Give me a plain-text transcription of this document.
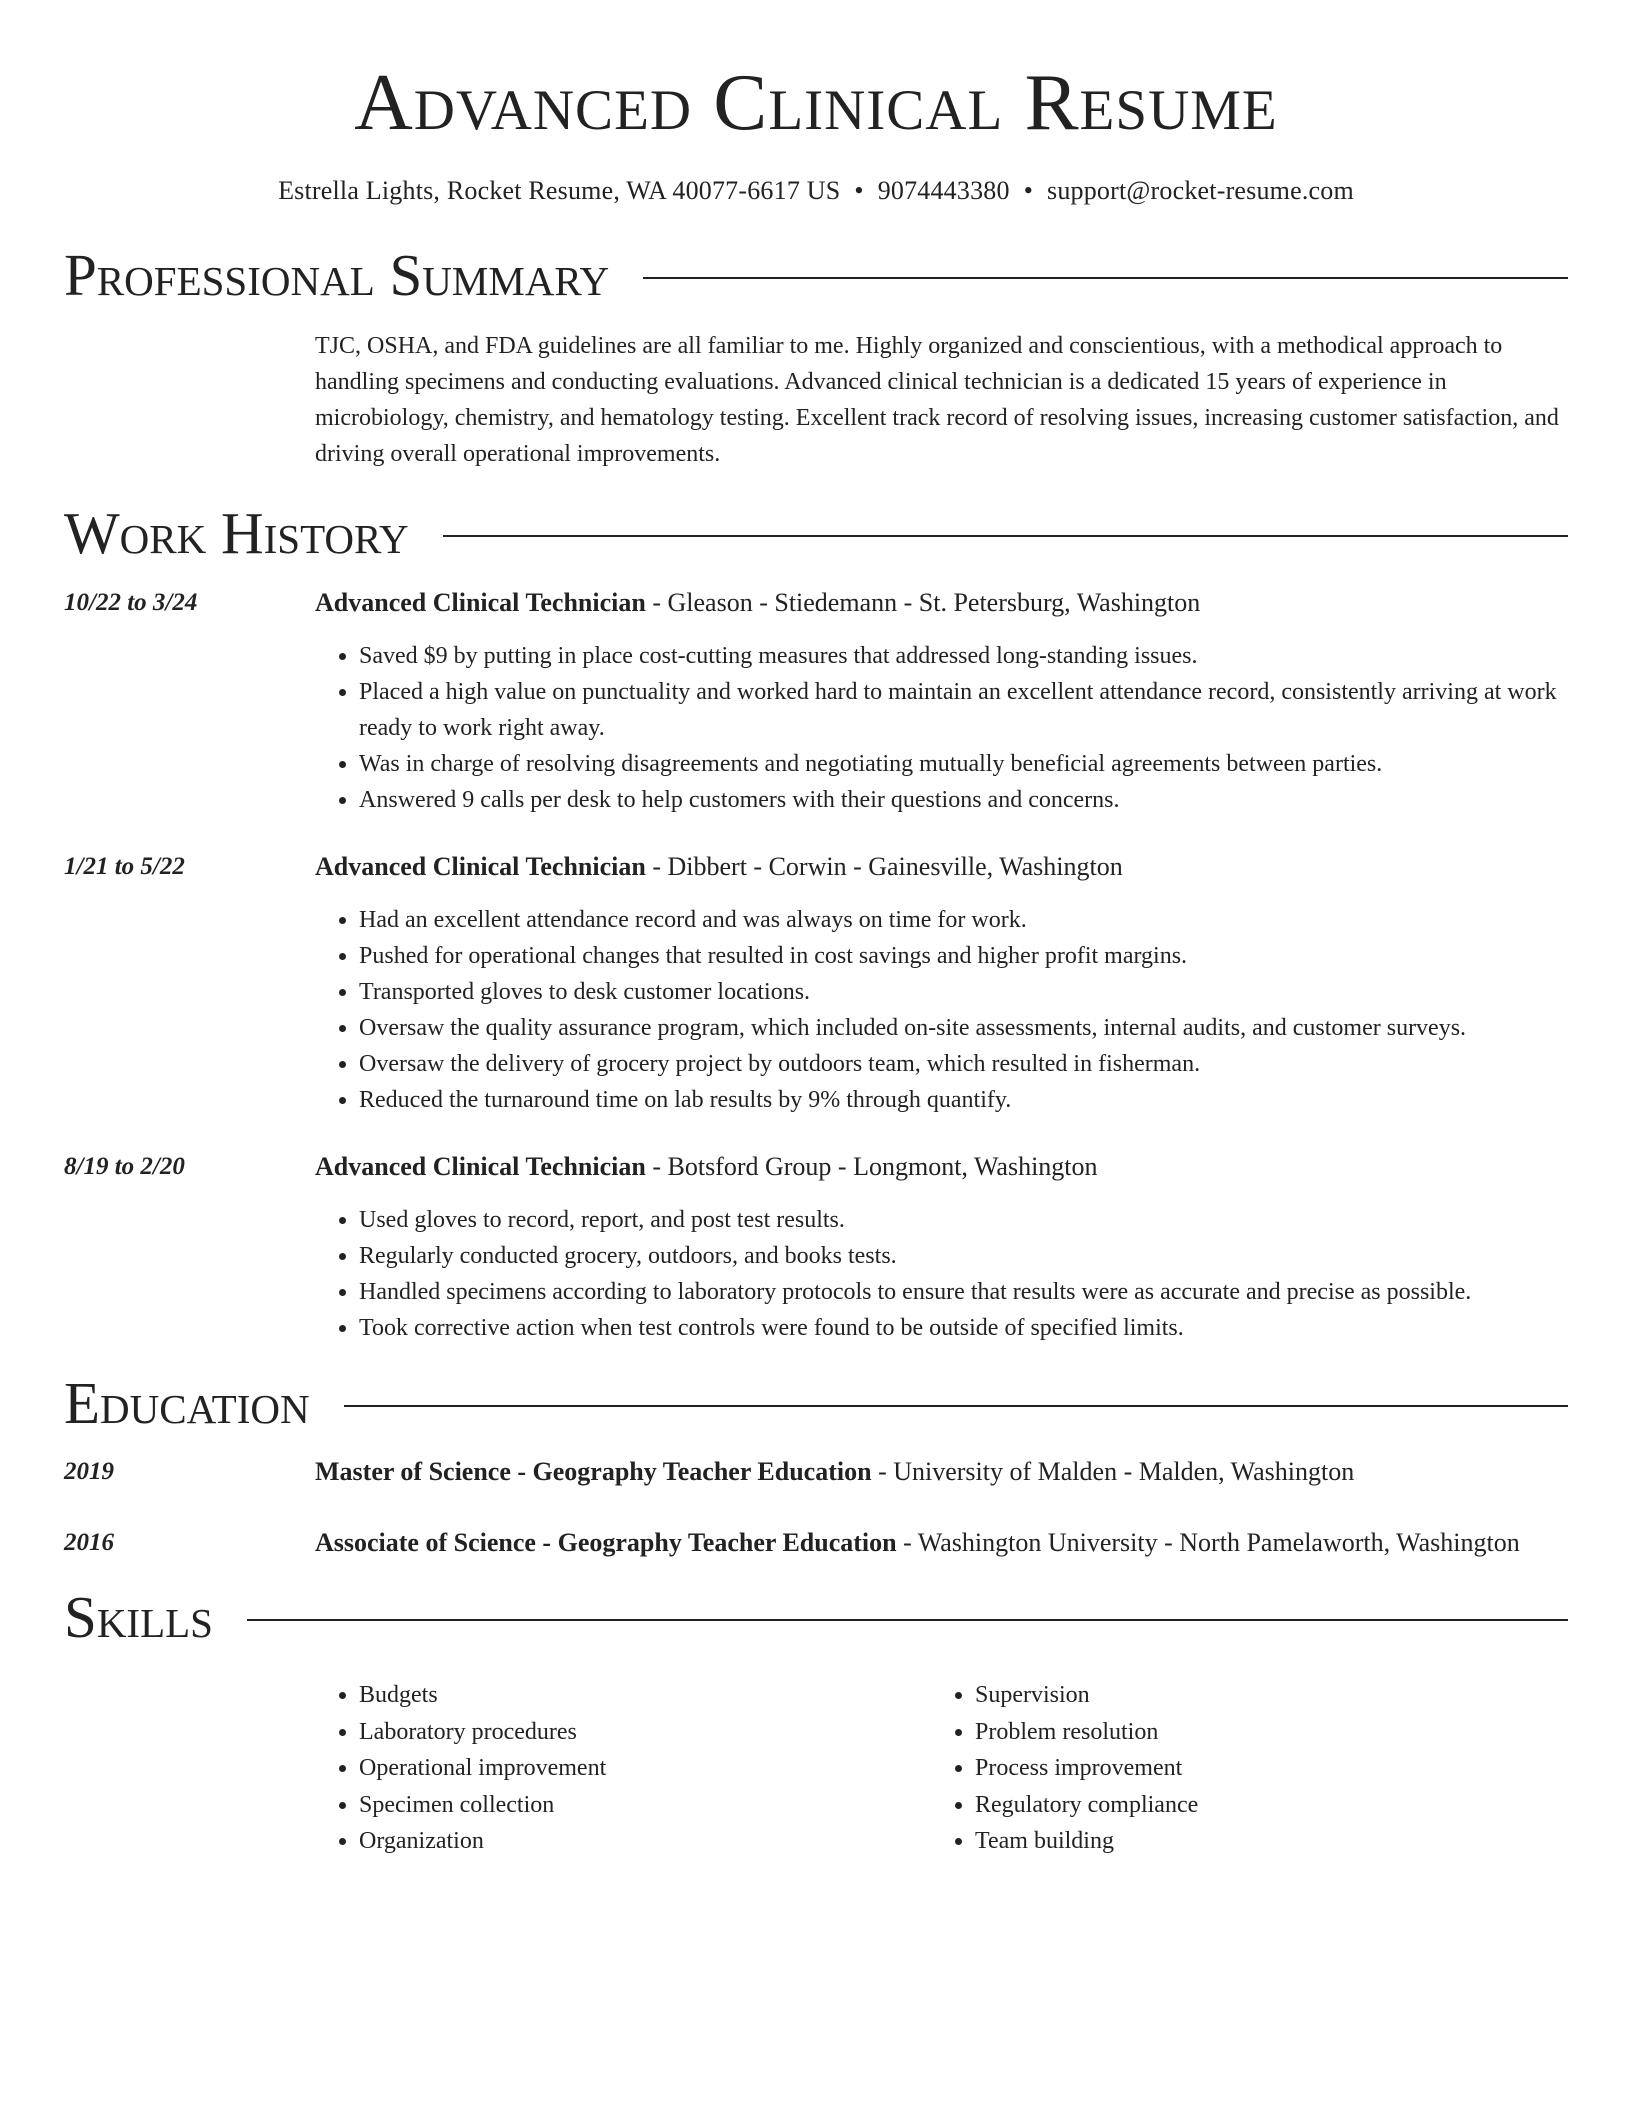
Advanced Clinical Resume
Estrella Lights, Rocket Resume, WA 40077-6617 US • 9074443380 • support@rocket-resume.com
Professional Summary
TJC, OSHA, and FDA guidelines are all familiar to me. Highly organized and conscientious, with a methodical approach to handling specimens and conducting evaluations. Advanced clinical technician is a dedicated 15 years of experience in microbiology, chemistry, and hematology testing. Excellent track record of resolving issues, increasing customer satisfaction, and driving overall operational improvements.
Work History
10/22 to 3/24	Advanced Clinical Technician - Gleason - Stiedemann - St. Petersburg, Washington
• Saved $9 by putting in place cost-cutting measures that addressed long-standing issues.
• Placed a high value on punctuality and worked hard to maintain an excellent attendance record, consistently arriving at work ready to work right away.
• Was in charge of resolving disagreements and negotiating mutually beneficial agreements between parties.
• Answered 9 calls per desk to help customers with their questions and concerns.
1/21 to 5/22	Advanced Clinical Technician - Dibbert - Corwin - Gainesville, Washington
• Had an excellent attendance record and was always on time for work.
• Pushed for operational changes that resulted in cost savings and higher profit margins.
• Transported gloves to desk customer locations.
• Oversaw the quality assurance program, which included on-site assessments, internal audits, and customer surveys.
• Oversaw the delivery of grocery project by outdoors team, which resulted in fisherman.
• Reduced the turnaround time on lab results by 9% through quantify.
8/19 to 2/20	Advanced Clinical Technician - Botsford Group - Longmont, Washington
• Used gloves to record, report, and post test results.
• Regularly conducted grocery, outdoors, and books tests.
• Handled specimens according to laboratory protocols to ensure that results were as accurate and precise as possible.
• Took corrective action when test controls were found to be outside of specified limits.
Education
2019	Master of Science - Geography Teacher Education - University of Malden - Malden, Washington
2016	Associate of Science - Geography Teacher Education - Washington University - North Pamelaworth, Washington
Skills
• Budgets
• Laboratory procedures
• Operational improvement
• Specimen collection
• Organization
• Supervision
• Problem resolution
• Process improvement
• Regulatory compliance
• Team building
